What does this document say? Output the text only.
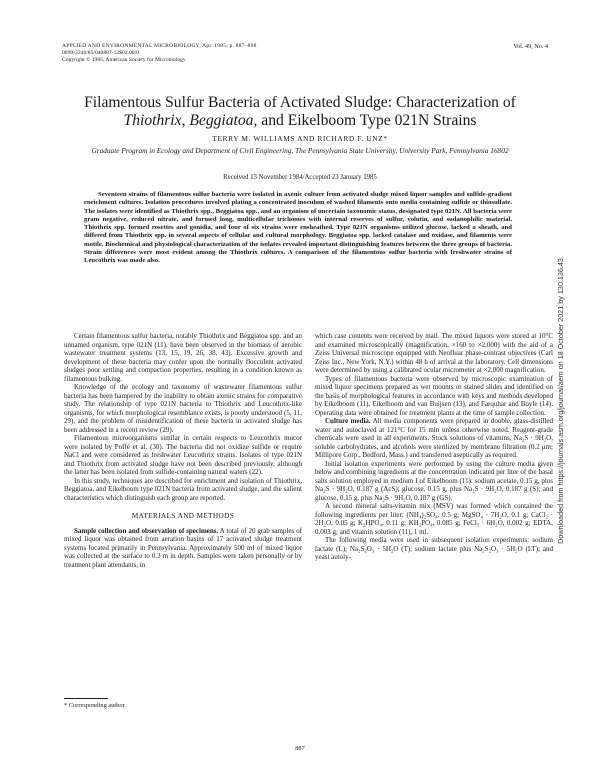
APPLIED AND ENVIRONMENTAL MICROBIOLOGY, Apr. 1985, p. 887–898
0099-2240/85/040887-12$02.00/0
Copyright © 1985, American Society for Microbiology
Vol. 49, No. 4
Filamentous Sulfur Bacteria of Activated Sludge: Characterization of
Thiothrix, Beggiatoa, and Eikelboom Type 021N Strains
TERRY M. WILLIAMS AND RICHARD F. UNZ*
Graduate Program in Ecology and Department of Civil Engineering, The Pennsylvania State University, University Park, Pennsylvania 16802
Received 13 November 1984/Accepted 23 January 1985
Seventeen strains of filamentous sulfur bacteria were isolated in axenic culture from activated sludge mixed liquor samples and sulfide-gradient enrichment cultures. Isolation procedures involved plating a concentrated inoculum of washed filaments onto media containing sulfide or thiosulfate. The isolates were identified as Thiothrix spp., Beggiatoa spp., and an organism of uncertain taxonomic status, designated type 021N. All bacteria were gram negative, reduced nitrate, and formed long, multicellular trichomes with internal reserves of sulfur, volutin, and sudanophilic material. Thiothrix spp. formed rosettes and gonidia, and four of six strains were ensheathed. Type 021N organisms utilized glucose, lacked a sheath, and differed from Thiothrix spp. in several aspects of cellular and cultural morphology. Beggiatoa spp. lacked catalase and oxidase, and filaments were motile. Biochemical and physiological characterization of the isolates revealed important distinguishing features between the three groups of bacteria. Strain differences were most evident among the Thiothrix cultures. A comparison of the filamentous sulfur bacteria with freshwater strains of Leucothrix was made also.

Certain filamentous sulfur bacteria, notably Thiothrix and Beggiatoa spp. and an unnamed organism, type 021N (11), have been observed in the biomass of aerobic wastewater treatment systems (13, 15, 19, 26, 38, 43). Excessive growth and development of these bacteria may confer upon the normally flocculent activated sludges poor settling and compaction properties, resulting in a condition known as filamentous bulking.

Knowledge of the ecology and taxonomy of wastewater filamentous sulfur bacteria has been hampered by the inability to obtain axenic strains for comparative study. The relationship of type 021N bacteria to Thiothrix and Leucothrix-like organisms, for which morphological resemblance exists, is poorly understood (5, 11, 29), and the problem of misidentification of these bacteria in activated sludge has been addressed in a recent review (29).

Filamentous microorganisms similar in certain respects to Leucothrix mucor were isolated by Poffé et al. (30). The bacteria did not oxidize sulfide or require NaCl and were considered as freshwater Leucothrix strains. Isolates of type 021N and Thiothrix from activated sludge have not been described previously, although the latter has been isolated from sulfide-containing natural waters (22).

In this study, techniques are described for enrichment and isolation of Thiothrix, Beggiatoa, and Eikelboom type 021N bacteria from activated sludge, and the salient characteristics which distinguish each group are reported.

MATERIALS AND METHODS

Sample collection and observation of specimens. A total of 20 grab samples of mixed liquor was obtained from aeration basins of 17 activated sludge treatment systems located primarily in Pennsylvania. Approximately 500 ml of mixed liquor was collected at the surface to 0.3 m in depth. Samples were taken personally or by treatment plant attendants, in

which case contents were received by mail. The mixed liquors were stored at 10°C and examined microscopically (magnification, ×160 to ×2,000) with the aid of a Zeiss Universal microscope equipped with Neofluar phase-contrast objectives (Carl Zeiss Inc., New York, N.Y.) within 48 h of arrival at the laboratory. Cell dimensions were determined by using a calibrated ocular micrometer at ×2,000 magnification.

Types of filamentous bacteria were observed by microscopic examination of mixed liquor specimens prepared as wet mounts or stained slides and identified on the basis of morphological features in accordance with keys and methods developed by Eikelboom (11), Eikelboom and van Buijsen (13), and Farquhar and Boyle (14). Operating data were obtained for treatment plants at the time of sample collection.

Culture media. All media components were prepared in double, glass-distilled water and autoclaved at 121°C for 15 min unless otherwise noted. Reagent-grade chemicals were used in all experiments. Stock solutions of vitamins, Na₂S · 9H₂O, soluble carbohydrates, and alcohols were sterilized by membrane filtration (0.2 μm; Millipore Corp., Bedford, Mass.) and transferred aseptically as required.

Initial isolation experiments were performed by using the culture media given below and combining ingredients at the concentration indicated per liter of the basal salts solution employed in medium I of Eikelboom (11): sodium acetate, 0.15 g, plus Na₂S · 9H₂O, 0.187 g (AcS); glucose, 0.15 g, plus Na₂S · 9H₂O, 0.187 g (S); and glucose, 0.15 g, plus Na₂S · 9H₂O, 0.187 g (GS).

A second mineral salts-vitamin mix (MSV) was formed which contained the following ingredients per liter: (NH₄)₂SO₄, 0.5 g; MgSO₄ · 7H₂O, 0.1 g; CaCl₂ · 2H₂O, 0.05 g; K₂HPO₄, 0.11 g; KH₂PO₄, 0.085 g; FeCl₃ · 6H₂O, 0.002 g; EDTA, 0.003 g; and vitamin solution (11), 1 ml.

The following media were used in subsequent isolation experiments: sodium lactate (L); Na₂S₂O₃ · 5H₂O (T); sodium lactate plus Na₂S₂O₃ · 5H₂O (LT); and yeast autoly-

* Corresponding author.
887
Downloaded from https://journals.asm.org/journal/aem on 18 October 2021 by 130.136.43.
